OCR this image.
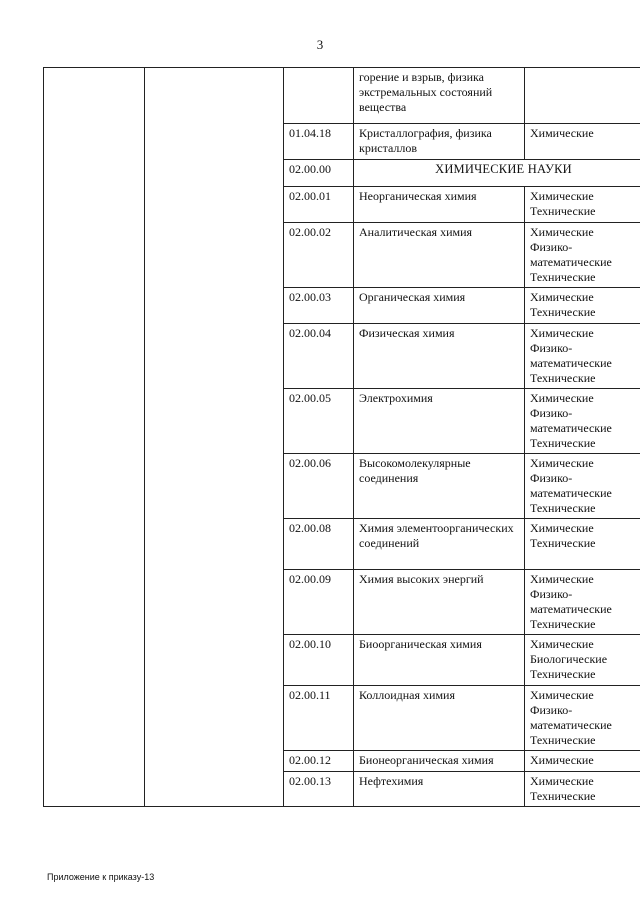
3
			горение и взрыв, физика экстремальных состояний вещества	
		01.04.18	Кристаллография, физика кристаллов	Химические

		02.00.00	ХИМИЧЕСКИЕ НАУКИ	
		02.00.01	Неорганическая химия	Химические
Технические

		02.00.02	Аналитическая химия	Химические
Физико-
математические
Технические

		02.00.03	Органическая химия	Химические
Технические

		02.00.04	Физическая химия	Химические
Физико-
математические
Технические

		02.00.05	Электрохимия	Химические
Физико-
математические
Технические

		02.00.06	Высокомолекулярные соединения	Химические
Физико-
математические
Технические

		02.00.08	Химия элементоорганических соединений	Химические
Технические

		02.00.09	Химия высоких энергий	Химические
Физико-
математические
Технические

		02.00.10	Биоорганическая химия	Химические
Биологические
Технические

		02.00.11	Коллоидная химия	Химические
Физико-
математические
Технические

		02.00.12	Бионеорганическая химия	Химические

		02.00.13	Нефтехимия	Химические
Технические
Приложение к приказу-13
